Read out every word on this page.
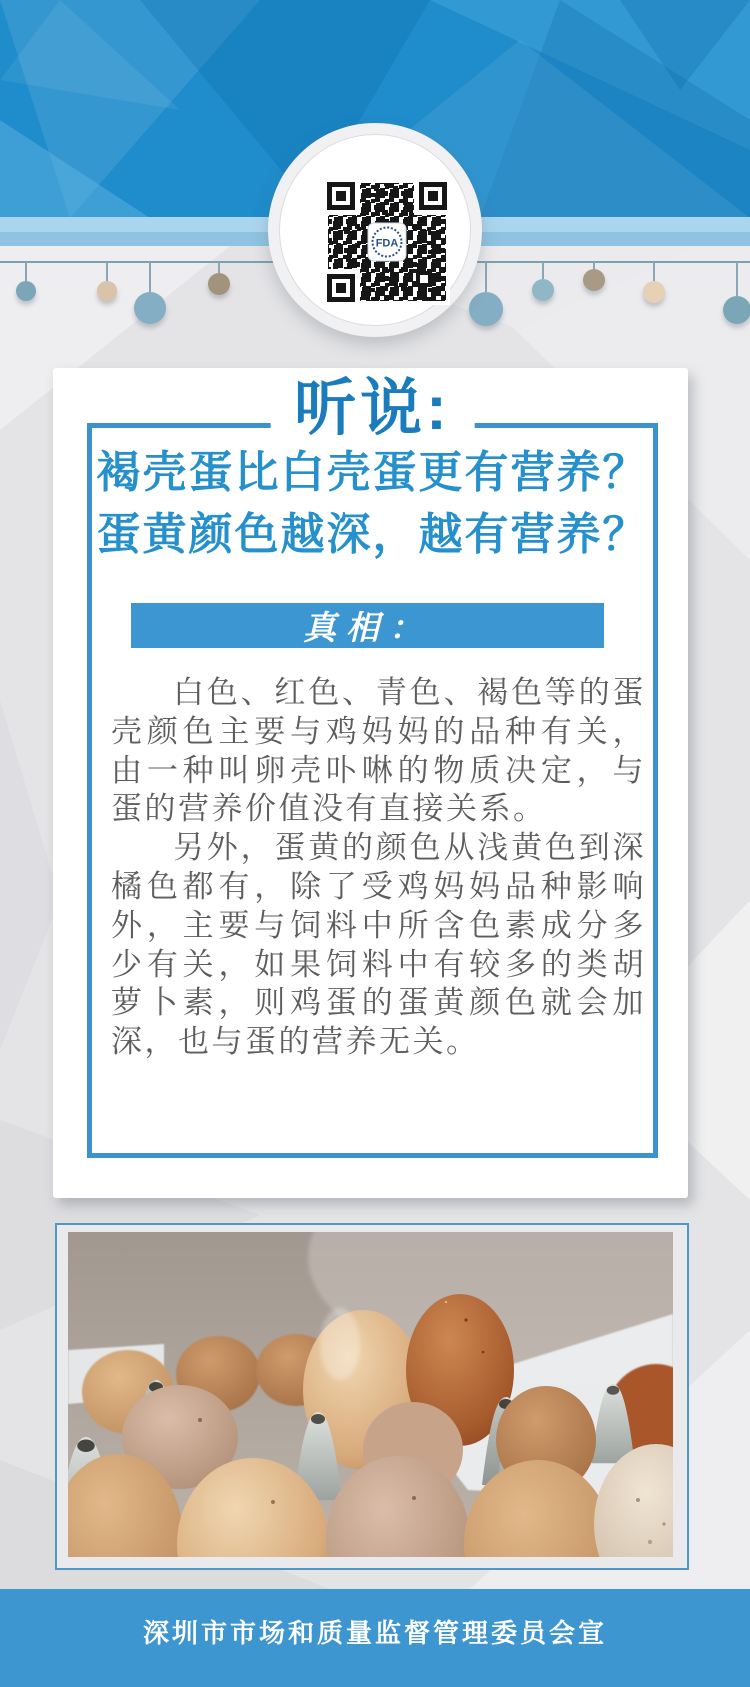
FDA
听说:

褐壳蛋比白壳蛋更有营养？

蛋黄颜色越深，越有营养？

真相：

白色、红色、青色、褐色等的蛋壳颜色主要与鸡妈妈的品种有关，由一种叫卵壳卟啉的物质决定，与蛋的营养价值没有直接关系。

另外，蛋黄的颜色从浅黄色到深橘色都有，除了受鸡妈妈品种影响外，主要与饲料中所含色素成分多少有关，如果饲料中有较多的类胡萝卜素，则鸡蛋的蛋黄颜色就会加深，也与蛋的营养无关。

深圳市市场和质量监督管理委员会宣
